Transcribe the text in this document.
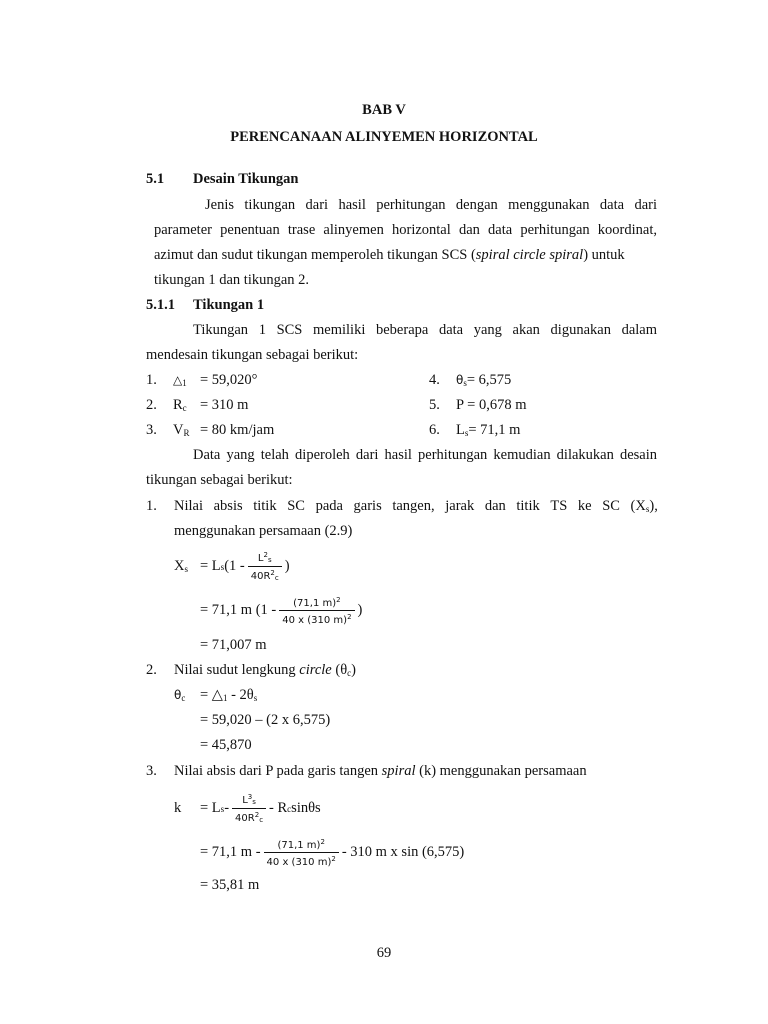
BAB V
PERENCANAAN ALINYEMEN HORIZONTAL
5.1 Desain Tikungan
Jenis tikungan dari hasil perhitungan dengan menggunakan data dari
parameter penentuan trase alinyemen horizontal dan data perhitungan koordinat,
azimut dan sudut tikungan memperoleh tikungan SCS (spiral circle spiral) untuk
tikungan 1 dan tikungan 2.
5.1.1 Tikungan 1
Tikungan 1 SCS memiliki beberapa data yang akan digunakan dalam
mendesain tikungan sebagai berikut:
1. $\triangle_1 = 59,020^\circ$
2. $R_c = 310$ m
3. $V_R = 80$ km/jam
4. $\theta_s= 6,575$
5. P = 0,678 m
6. $L_s= 71,1$ m
Data yang telah diperoleh dari hasil perhitungan kemudian dilakukan desain
tikungan sebagai berikut:
1. Nilai absis titik SC pada garis tangen, jarak dan titik TS ke SC $(X_s)$,
menggunakan persamaan (2.9)
$X_s = L$ s ($1 - \frac{L^2_s}{40R^2_c}$ )
= 71,1 m ($1 - \frac{(71,1 m)^2}{40 x (310 m)^2}$ )
= 71,007 m
2. Nilai sudut lengkung circle $(\theta_c)$
$\theta_c$ = $\triangle_1 - 2\theta_s$
= 59,020 – (2 x 6,575)
= 45,870
3. Nilai absis dari P pada garis tangen spiral (k) menggunakan persamaan
k = L s - $\frac{L^3_s}{40R^2_c}$ - R c sinθs
= 71,1 m - $\frac{(71,1 m)^2}{40 x (310 m)^2} - 310$ m x sin (6,575)
= 35,81 m
69
